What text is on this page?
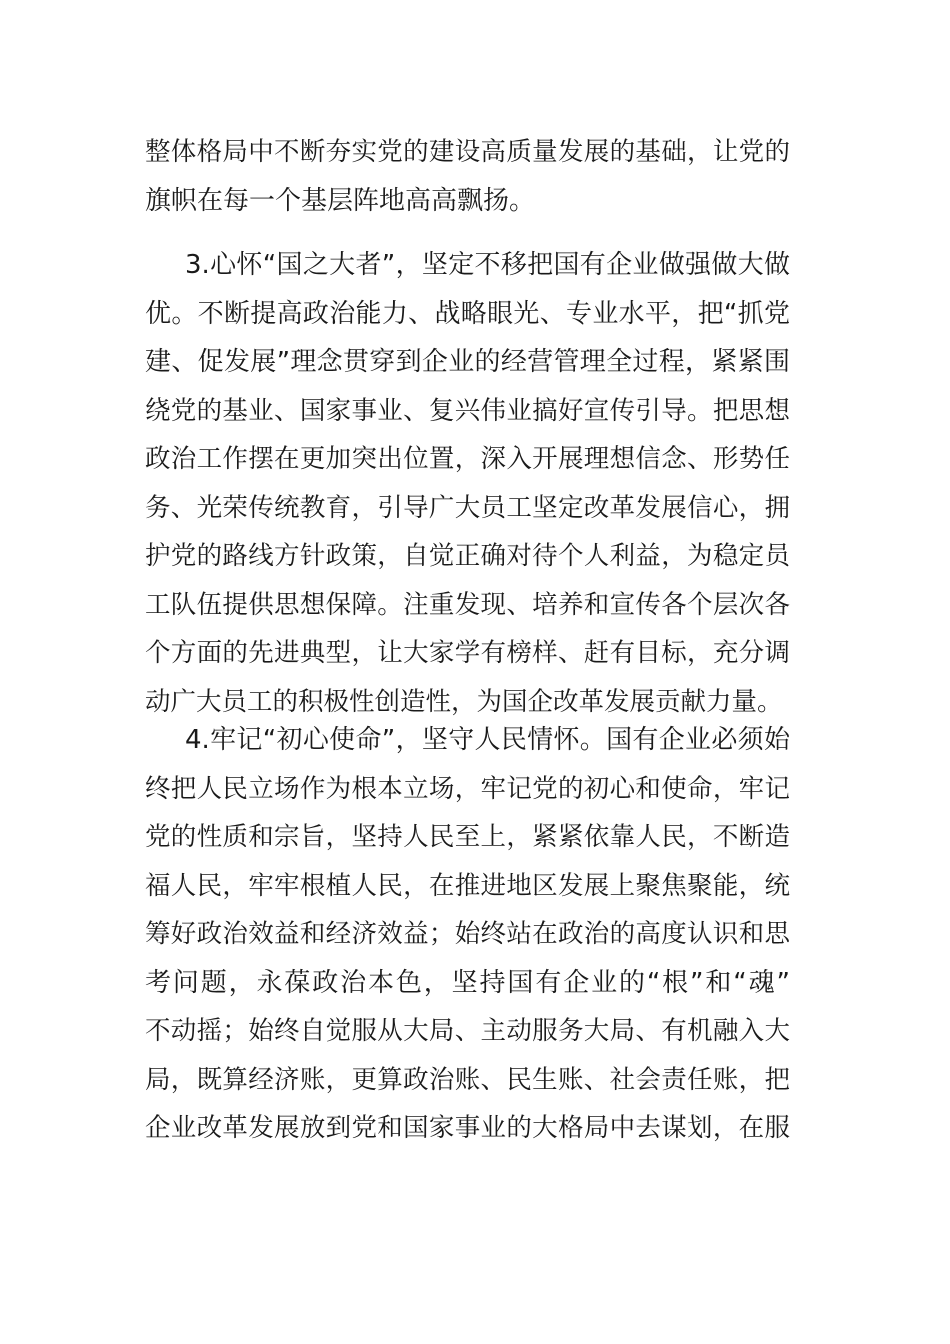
整体格局中不断夯实党的建设高质量发展的基础，让党的
旗帜在每一个基层阵地高高飘扬。
3.心怀“国之大者”，坚定不移把国有企业做强做大做
优。不断提高政治能力、战略眼光、专业水平，把“抓党
建、促发展”理念贯穿到企业的经营管理全过程，紧紧围
绕党的基业、国家事业、复兴伟业搞好宣传引导。把思想
政治工作摆在更加突出位置，深入开展理想信念、形势任
务、光荣传统教育，引导广大员工坚定改革发展信心，拥
护党的路线方针政策，自觉正确对待个人利益，为稳定员
工队伍提供思想保障。注重发现、培养和宣传各个层次各
个方面的先进典型，让大家学有榜样、赶有目标，充分调
动广大员工的积极性创造性，为国企改革发展贡献力量。
4.牢记“初心使命”，坚守人民情怀。国有企业必须始
终把人民立场作为根本立场，牢记党的初心和使命，牢记
党的性质和宗旨，坚持人民至上，紧紧依靠人民，不断造
福人民，牢牢根植人民，在推进地区发展上聚焦聚能，统
筹好政治效益和经济效益；始终站在政治的高度认识和思
考问题，永葆政治本色，坚持国有企业的“根”和“魂”
不动摇；始终自觉服从大局、主动服务大局、有机融入大
局，既算经济账，更算政治账、民生账、社会责任账，把
企业改革发展放到党和国家事业的大格局中去谋划，在服
